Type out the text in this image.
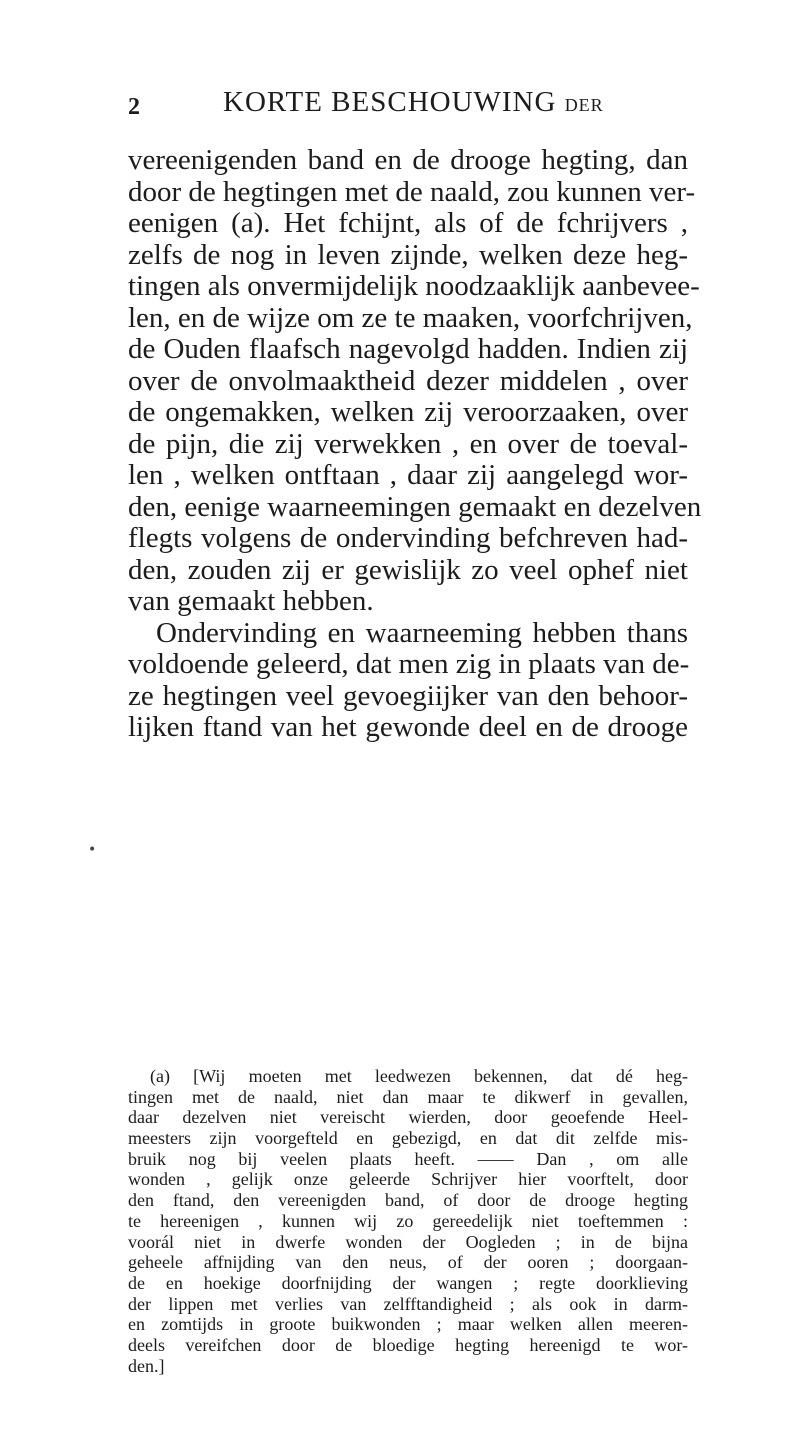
2	KORTE BESCHOUWING DER
vereenigenden band en de drooge hegting, dan
door de hegtingen met de naald, zou kunnen ver-
eenigen (a). Het fchijnt, als of de fchrijvers ,
zelfs de nog in leven zijnde, welken deze heg-
tingen als onvermijdelijk noodzaaklijk aanbevee-
len, en de wijze om ze te maaken, voorfchrijven,
de Ouden flaafsch nagevolgd hadden. Indien zij
over de onvolmaaktheid dezer middelen , over
de ongemakken, welken zij veroorzaaken, over
de pijn, die zij verwekken , en over de toeval-
len , welken ontftaan , daar zij aangelegd wor-
den, eenige waarneemingen gemaakt en dezelven
flegts volgens de ondervinding befchreven had-
den, zouden zij er gewislijk zo veel ophef niet
van gemaakt hebben.
Ondervinding en waarneeming hebben thans
voldoende geleerd, dat men zig in plaats van de-
ze hegtingen veel gevoegiijker van den behoor-
lijken ftand van het gewonde deel en de drooge
•
(a) [Wij moeten met leedwezen bekennen, dat dé heg-
tingen met de naald, niet dan maar te dikwerf in gevallen,
daar dezelven niet vereischt wierden, door geoefende Heel-
meesters zijn voorgefteld en gebezigd, en dat dit zelfde mis-
bruik nog bij veelen plaats heeft. —— Dan , om alle
wonden , gelijk onze geleerde Schrijver hier voorftelt, door
den ftand, den vereenigden band, of door de drooge hegting
te hereenigen , kunnen wij zo gereedelijk niet toeftemmen :
voorál niet in dwerfe wonden der Oogleden ; in de bijna
geheele affnijding van den neus, of der ooren ; doorgaan-
de en hoekige doorfnijding der wangen ; regte doorklieving
der lippen met verlies van zelfftandigheid ; als ook in darm-
en zomtijds in groote buikwonden ; maar welken allen meeren-
deels vereifchen door de bloedige hegting hereenigd te wor-
den.]
